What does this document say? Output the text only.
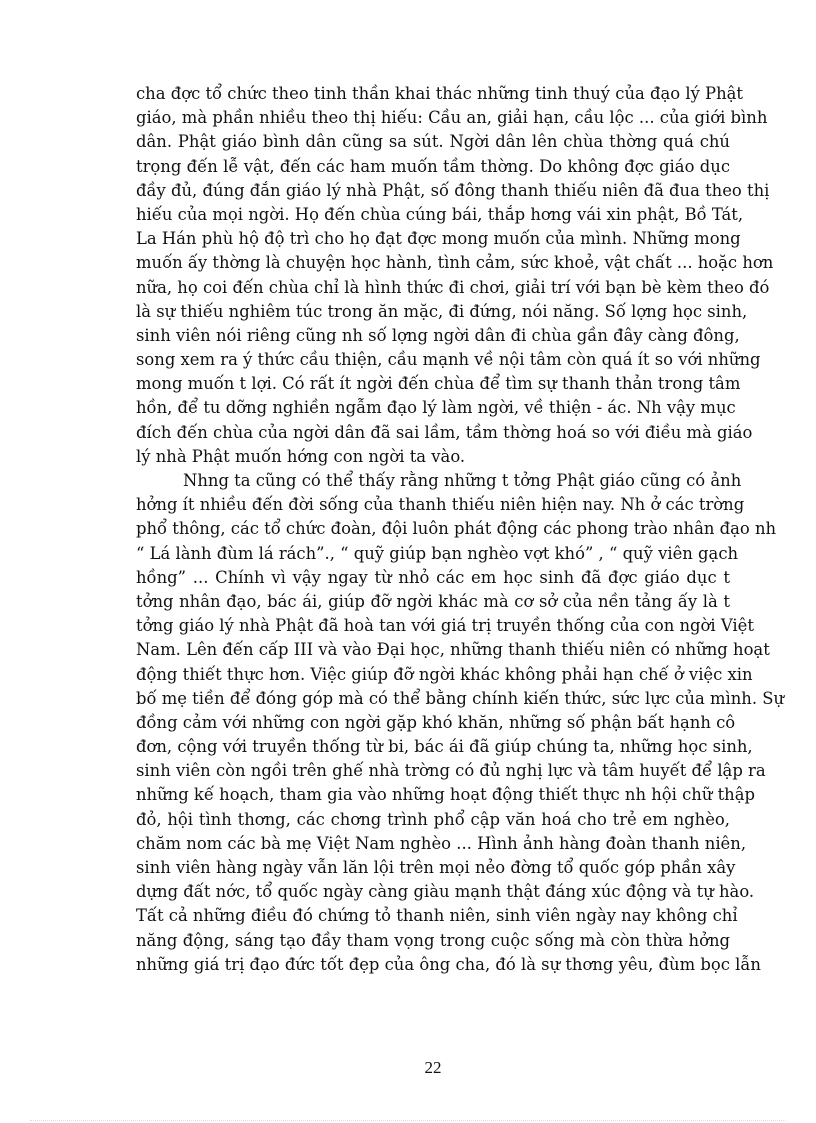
cha đợc tổ chức theo tinh thần khai thác những tinh thuý của đạo lý Phật
giáo, mà phần nhiều theo thị hiếu: Cầu an, giải hạn, cầu lộc ... của giới bình
dân. Phật giáo bình dân cũng sa sút. Ngời dân lên chùa thờng quá chú
trọng đến lễ vật, đến các ham muốn tầm thờng. Do không đợc giáo dục
đầy đủ, đúng đắn giáo lý nhà Phật, số đông thanh thiếu niên đã đua theo thị
hiếu của mọi ngời. Họ đến chùa cúng bái, thắp hơng vái xin phật, Bồ Tát,
La Hán phù hộ độ trì cho họ đạt đợc mong muốn của mình. Những mong
muốn ấy thờng là chuyện học hành, tình cảm, sức khoẻ, vật chất ... hoặc hơn
nữa, họ coi đến chùa chỉ là hình thức đi chơi, giải trí với bạn bè kèm theo đó
là sự thiếu nghiêm túc trong ăn mặc, đi đứng, nói năng. Số lợng học sinh,
sinh viên nói riêng cũng nh số lợng ngời dân đi chùa gần đây càng đông,
song xem ra ý thức cầu thiện, cầu mạnh về nội tâm còn quá ít so với những
mong muốn t lợi. Có rất ít ngời đến chùa để tìm sự thanh thản trong tâm
hồn, để tu dỡng nghiền ngẫm đạo lý làm ngời, về thiện - ác. Nh vậy mục
đích đến chùa của ngời dân đã sai lầm, tầm thờng hoá so với điều mà giáo
lý nhà Phật muốn hớng con ngời ta vào.
Nhng ta cũng có thể thấy rằng những t tởng Phật giáo cũng có ảnh
hởng ít nhiều đến đời sống của thanh thiếu niên hiện nay. Nh ở các trờng
phổ thông, các tổ chức đoàn, đội luôn phát động các phong trào nhân đạo nh
“ Lá lành đùm lá rách”., “ quỹ giúp bạn nghèo vợt khó” , “ quỹ viên gạch
hồng” ... Chính vì vậy ngay từ nhỏ các em học sinh đã đợc giáo dục t
tởng nhân đạo, bác ái, giúp đỡ ngời khác mà cơ sở của nền tảng ấy là t
tởng giáo lý nhà Phật đã hoà tan với giá trị truyền thống của con ngời Việt
Nam. Lên đến cấp III và vào Đại học, những thanh thiếu niên có những hoạt
động thiết thực hơn. Việc giúp đỡ ngời khác không phải hạn chế ở việc xin
bố mẹ tiền để đóng góp mà có thể bằng chính kiến thức, sức lực của mình. Sự
đồng cảm với những con ngời gặp khó khăn, những số phận bất hạnh cô
đơn, cộng với truyền thống từ bi, bác ái đã giúp chúng ta, những học sinh,
sinh viên còn ngồi trên ghế nhà trờng có đủ nghị lực và tâm huyết để lập ra
những kế hoạch, tham gia vào những hoạt động thiết thực nh hội chữ thập
đỏ, hội tình thơng, các chơng trình phổ cập văn hoá cho trẻ em nghèo,
chăm nom các bà mẹ Việt Nam nghèo ... Hình ảnh hàng đoàn thanh niên,
sinh viên hàng ngày vẫn lăn lội trên mọi nẻo đờng tổ quốc góp phần xây
dựng đất nớc, tổ quốc ngày càng giàu mạnh thật đáng xúc động và tự hào.
Tất cả những điều đó chứng tỏ thanh niên, sinh viên ngày nay không chỉ
năng động, sáng tạo đầy tham vọng trong cuộc sống mà còn thừa hởng
những giá trị đạo đức tốt đẹp của ông cha, đó là sự thơng yêu, đùm bọc lẫn
22
